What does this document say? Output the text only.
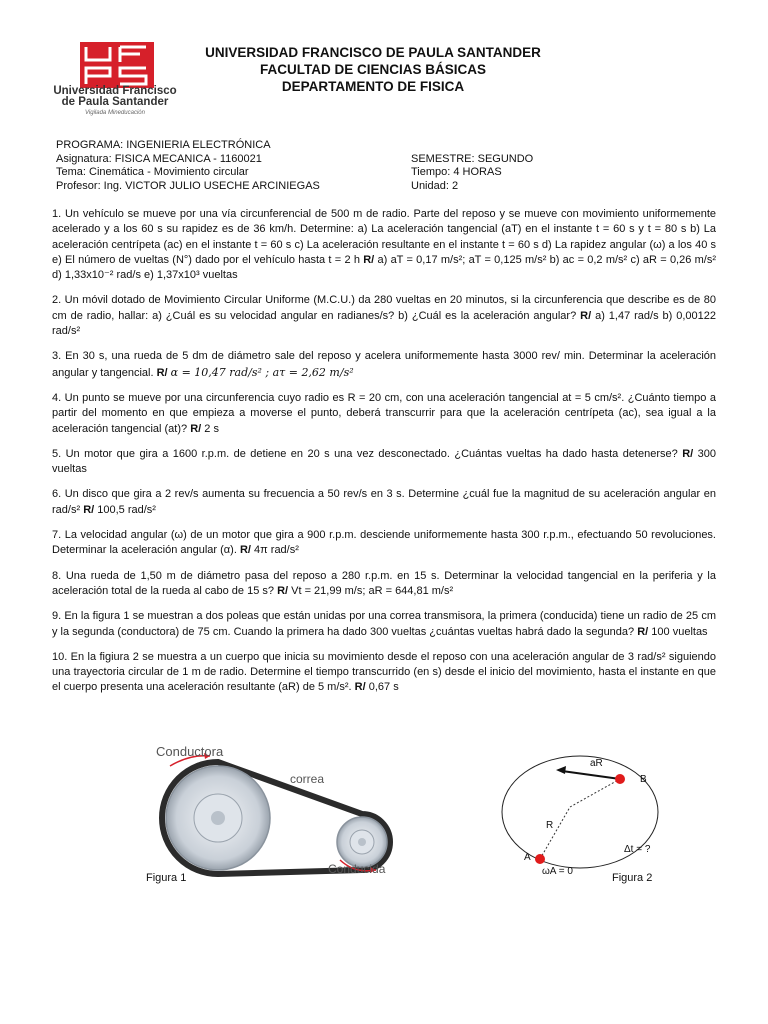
Universidad Francisco
de Paula Santander
Vigilada Mineducación
UNIVERSIDAD FRANCISCO DE PAULA SANTANDER
FACULTAD DE CIENCIAS BÁSICAS
DEPARTAMENTO DE FISICA
PROGRAMA: INGENIERIA ELECTRÓNICA
Asignatura: FISICA MECANICA - 1160021	SEMESTRE: SEGUNDO
Tema: Cinemática - Movimiento circular	Tiempo: 4 HORAS
Profesor: Ing. VICTOR JULIO USECHE ARCINIEGAS	Unidad: 2
1. Un vehículo se mueve por una vía circunferencial de 500 m de radio. Parte del reposo y se mueve con movimiento uniformemente acelerado y a los 60 s su rapidez es de 36 km/h. Determine: a) La aceleración tangencial (aT) en el instante t = 60 s y t = 80 s b) La aceleración centrípeta (ac) en el instante t = 60 s c) La aceleración resultante en el instante t = 60 s d) La rapidez angular (ω) a los 40 s e) El número de vueltas (N°) dado por el vehículo hasta t = 2 h R/ a) aT = 0,17 m/s²; aT = 0,125 m/s² b) ac = 0,2 m/s² c) aR = 0,26 m/s² d) 1,33x10⁻² rad/s e) 1,37x10³ vueltas
2. Un móvil dotado de Movimiento Circular Uniforme (M.C.U.) da 280 vueltas en 20 minutos, si la circunferencia que describe es de 80 cm de radio, hallar: a) ¿Cuál es su velocidad angular en radianes/s? b) ¿Cuál es la aceleración angular? R/ a) 1,47 rad/s b) 0,00122 rad/s²
3. En 30 s, una rueda de 5 dm de diámetro sale del reposo y acelera uniformemente hasta 3000 rev/ min. Determinar la aceleración angular y tangencial. R/ α = 10,47 rad/s² ; aτ = 2,62 m/s²
4. Un punto se mueve por una circunferencia cuyo radio es R = 20 cm, con una aceleración tangencial at = 5 cm/s². ¿Cuánto tiempo a partir del momento en que empieza a moverse el punto, deberá transcurrir para que la aceleración centrípeta (ac), sea igual a la aceleración tangencial (at)? R/ 2 s
5. Un motor que gira a 1600 r.p.m. de detiene en 20 s una vez desconectado. ¿Cuántas vueltas ha dado hasta detenerse? R/ 300 vueltas
6. Un disco que gira a 2 rev/s aumenta su frecuencia a 50 rev/s en 3 s. Determine ¿cuál fue la magnitud de su aceleración angular en rad/s² R/ 100,5 rad/s²
7. La velocidad angular (ω) de un motor que gira a 900 r.p.m. desciende uniformemente hasta 300 r.p.m., efectuando 50 revoluciones. Determinar la aceleración angular (α). R/ 4π rad/s²
8. Una rueda de 1,50 m de diámetro pasa del reposo a 280 r.p.m. en 15 s. Determinar la velocidad tangencial en la periferia y la aceleración total de la rueda al cabo de 15 s? R/ Vt = 21,99 m/s; aR = 644,81 m/s²
9. En la figura 1 se muestran a dos poleas que están unidas por una correa transmisora, la primera (conducida) tiene un radio de 25 cm y la segunda (conductora) de 75 cm. Cuando la primera ha dado 300 vueltas ¿cuántas vueltas habrá dado la segunda? R/ 100 vueltas
10. En la figiura 2 se muestra a un cuerpo que inicia su movimiento desde el reposo con una aceleración angular de 3 rad/s² siguiendo una trayectoria circular de 1 m de radio. Determine el tiempo transcurrido (en s) desde el inicio del movimiento, hasta el instante en que el cuerpo presenta una aceleración resultante (aR) de 5 m/s². R/ 0,67 s
Conductora
correa
Conducida
Figura 1
aR
B
R
A
Δt = ?
ωA = 0
Figura 2
